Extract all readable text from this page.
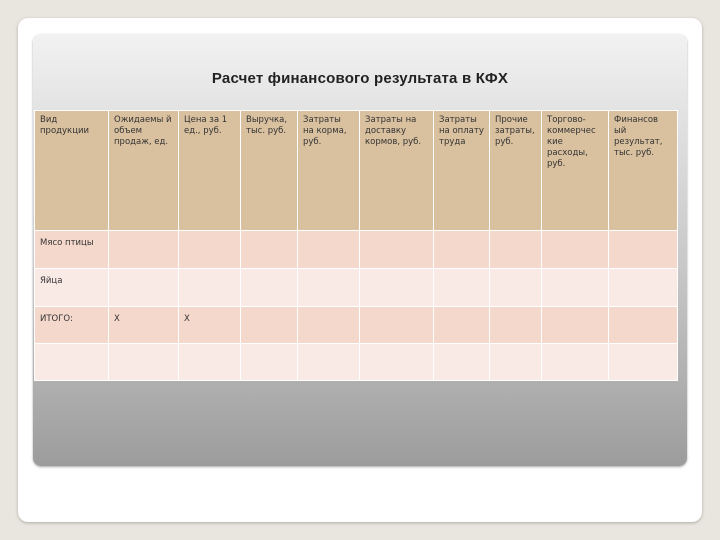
Расчет финансового результата в КФХ
Вид продукции	Ожидаемы й объем продаж, ед.	Цена за 1 ед., руб.	Выручка, тыс. руб.	Затраты на корма, руб.	Затраты на доставку кормов, руб.	Затраты на оплату труда	Прочие затраты, руб.	Торгово-коммерчес кие расходы, руб.	Финансов ый результат, тыс. руб.
Мясо птицы									
Яйца									
ИТОГО:	Х	Х							
